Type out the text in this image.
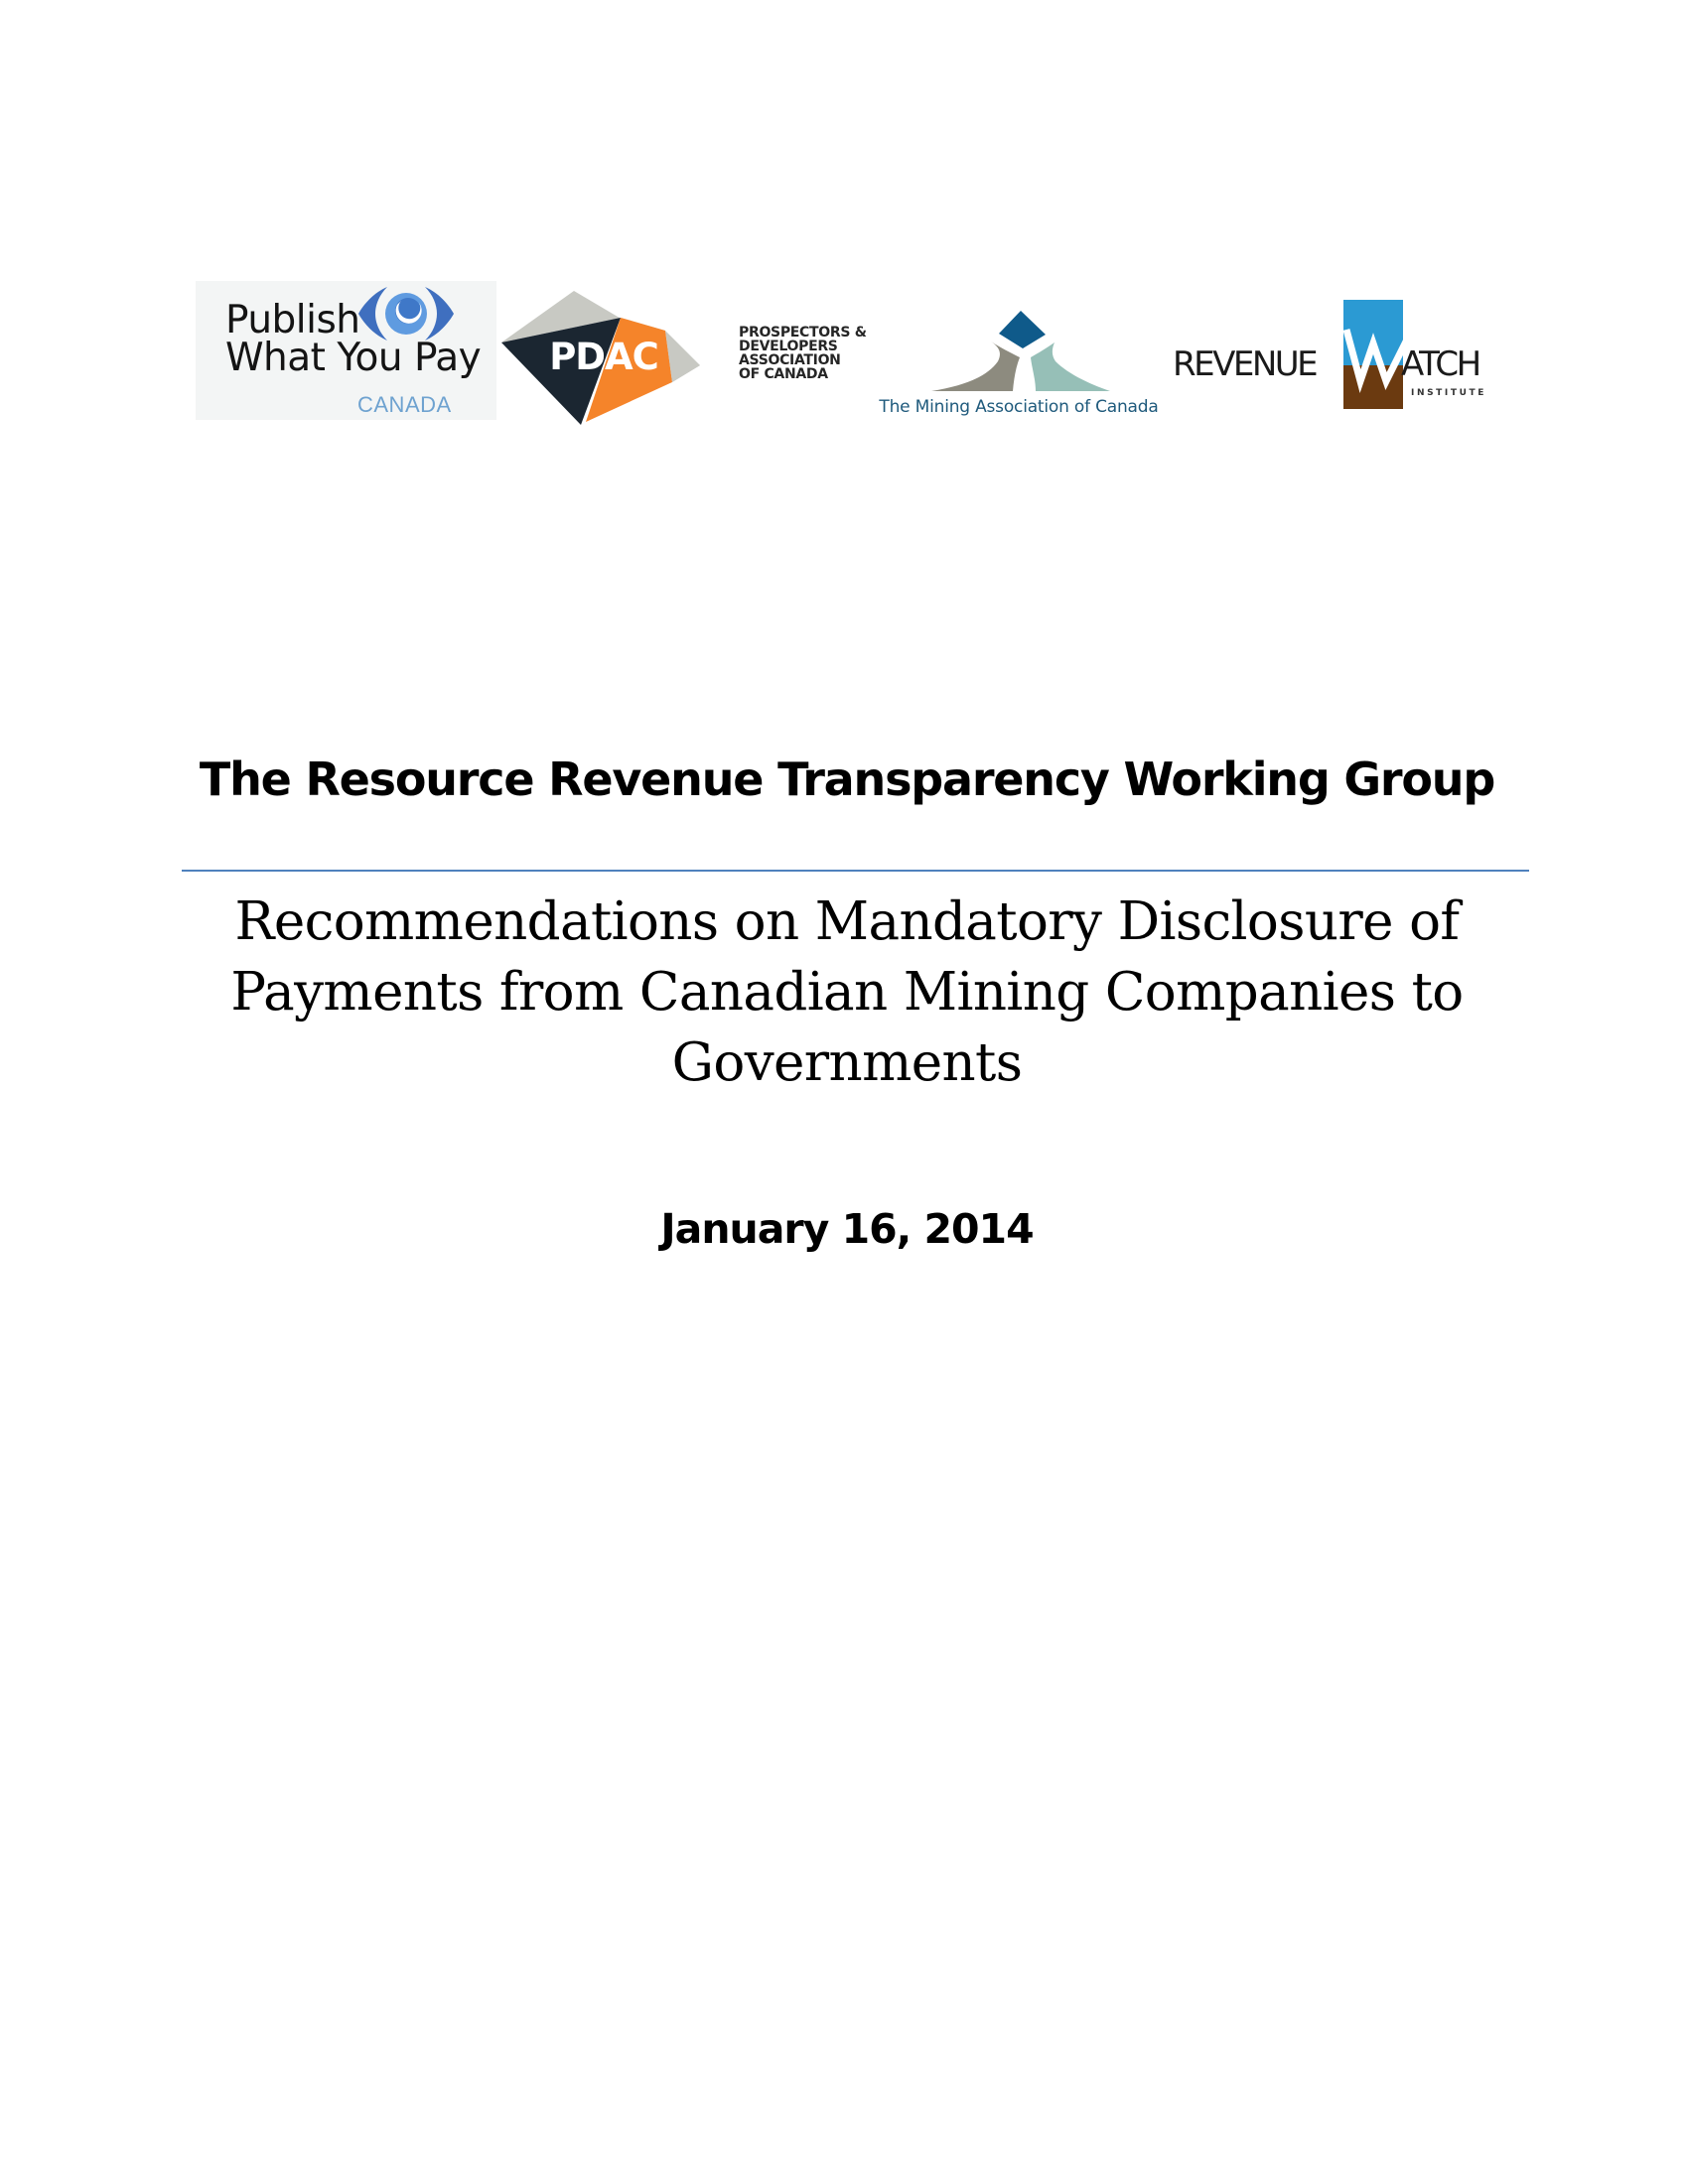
Publish
What You Pay
CANADA
PDAC
PROSPECTORS &
DEVELOPERS
ASSOCIATION
OF CANADA
The Mining Association of Canada
REVENUE	ATCH
INSTITUTE
The Resource Revenue Transparency Working Group
Recommendations on Mandatory Disclosure of
Payments from Canadian Mining Companies to
Governments
January 16, 2014
